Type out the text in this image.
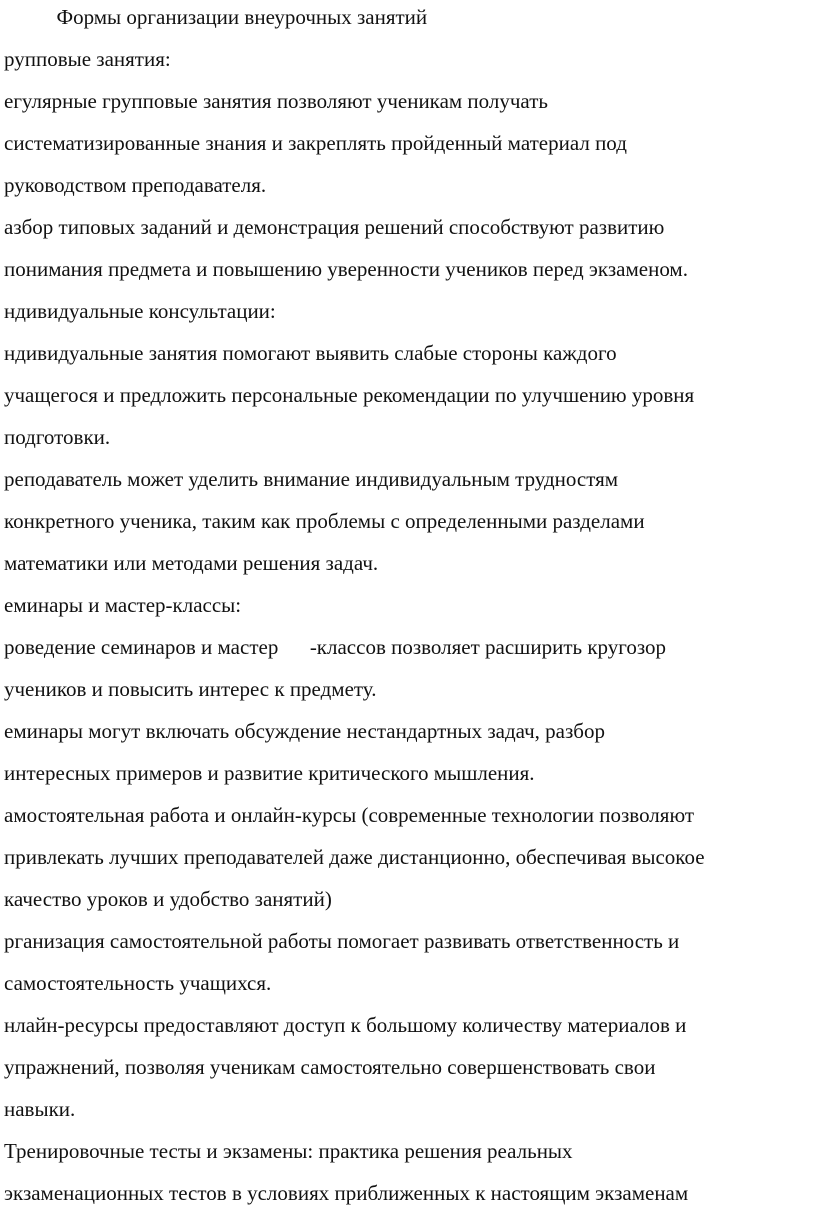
Формы организации внеурочных занятий
рупповые занятия:
егулярные групповые занятия позволяют ученикам получать
систематизированные знания и закреплять пройденный материал под
руководством преподавателя.
азбор типовых заданий и демонстрация решений способствуют развитию
понимания предмета и повышению уверенности учеников перед экзаменом.
ндивидуальные консультации:
ндивидуальные занятия помогают выявить слабые стороны каждого
учащегося и предложить персональные рекомендации по улучшению уровня
подготовки.
реподаватель может уделить внимание индивидуальным трудностям
конкретного ученика, таким как проблемы с определенными разделами
математики или методами решения задач.
еминары и мастер-классы:
роведение семинаров и мастер      -классов позволяет расширить кругозор
учеников и повысить интерес к предмету.
еминары могут включать обсуждение нестандартных задач, разбор
интересных примеров и развитие критического мышления.
амостоятельная работа и онлайн-курсы (современные технологии позволяют
привлекать лучших преподавателей даже дистанционно, обеспечивая высокое
качество уроков и удобство занятий)
рганизация самостоятельной работы помогает развивать ответственность и
самостоятельность учащихся.
нлайн-ресурсы предоставляют доступ к большому количеству материалов и
упражнений, позволяя ученикам самостоятельно совершенствовать свои
навыки.
Тренировочные тесты и экзамены: практика решения реальных
экзаменационных тестов в условиях приближенных к настоящим экзаменам
